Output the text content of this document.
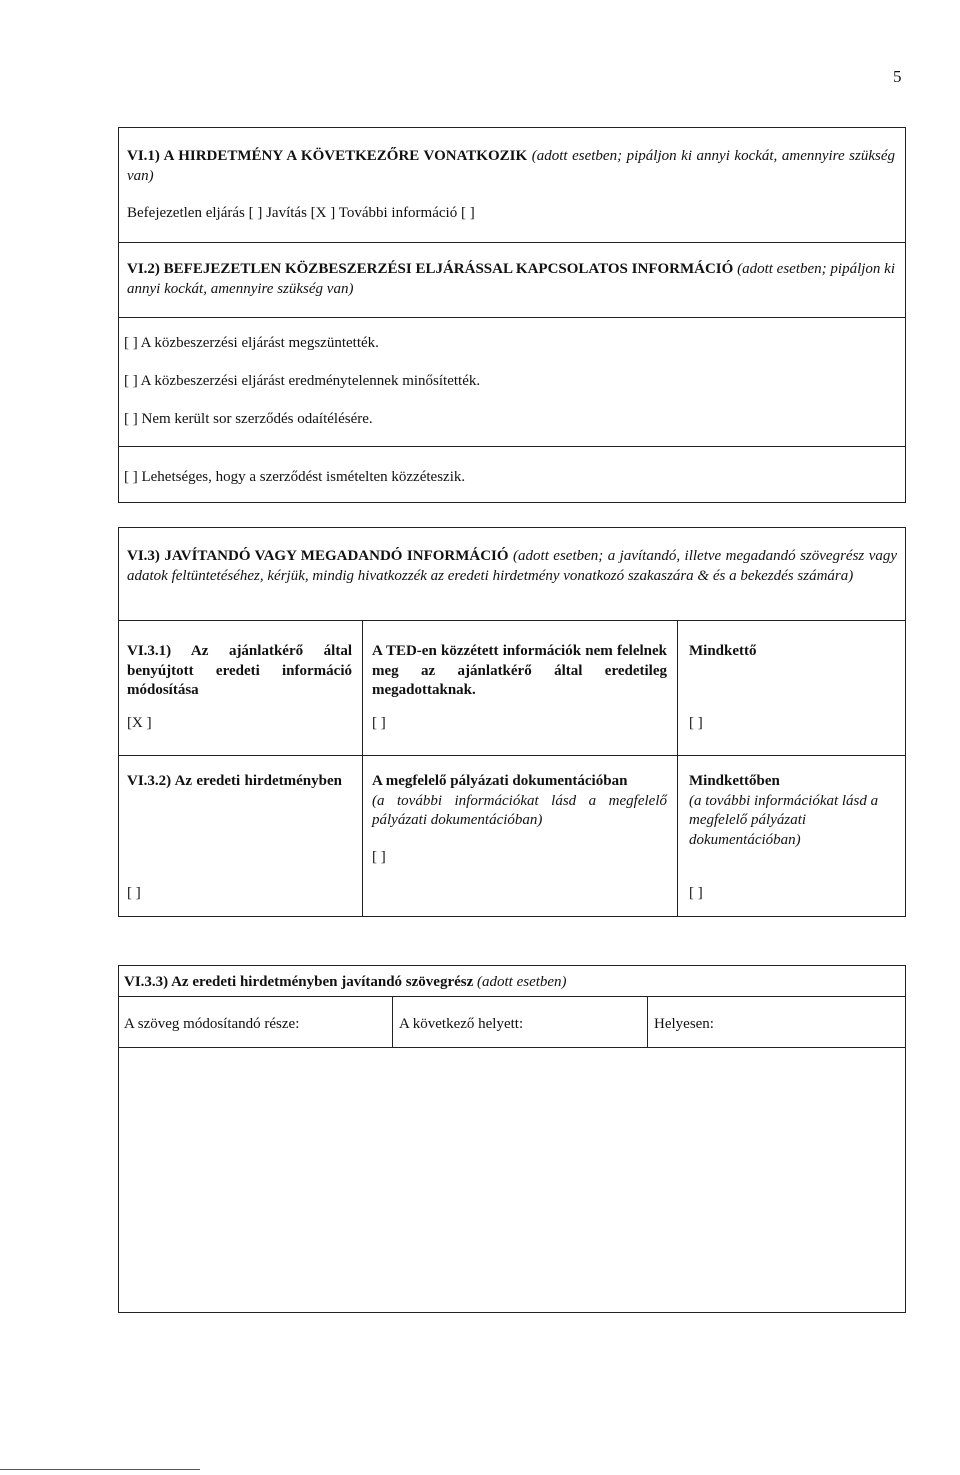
5
VI.1) A HIRDETMÉNY A KÖVETKEZŐRE VONATKOZIK (adott esetben; pipáljon ki annyi kockát, amennyire szükség van)
Befejezetlen eljárás [ ] Javítás [X ] További információ [ ]
VI.2) BEFEJEZETLEN KÖZBESZERZÉSI ELJÁRÁSSAL KAPCSOLATOS INFORMÁCIÓ (adott esetben; pipáljon ki annyi kockát, amennyire szükség van)
[ ] A közbeszerzési eljárást megszüntették.
[ ] A közbeszerzési eljárást eredménytelennek minősítették.
[ ] Nem került sor szerződés odaítélésére.
[ ] Lehetséges, hogy a szerződést ismételten közzéteszik.
VI.3) JAVÍTANDÓ VAGY MEGADANDÓ INFORMÁCIÓ (adott esetben; a javítandó, illetve megadandó szövegrész vagy adatok feltüntetéséhez, kérjük, mindig hivatkozzék az eredeti hirdetmény vonatkozó szakaszára & és a bekezdés számára)
VI.3.1) Az ajánlatkérő által benyújtott eredeti információ módosítása
[X ]
A TED-en közzétett információk nem felelnek meg az ajánlatkérő által eredetileg megadottaknak.
[ ]
Mindkettő
[ ]
VI.3.2) Az eredeti hirdetményben
[ ]
A megfelelő pályázati dokumentációban
(a további információkat lásd a megfelelő pályázati dokumentációban)
[ ]
Mindkettőben
(a további információkat lásd a megfelelő pályázati dokumentációban)
[ ]
VI.3.3) Az eredeti hirdetményben javítandó szövegrész (adott esetben)
A szöveg módosítandó része:	A következő helyett:	Helyesen:
